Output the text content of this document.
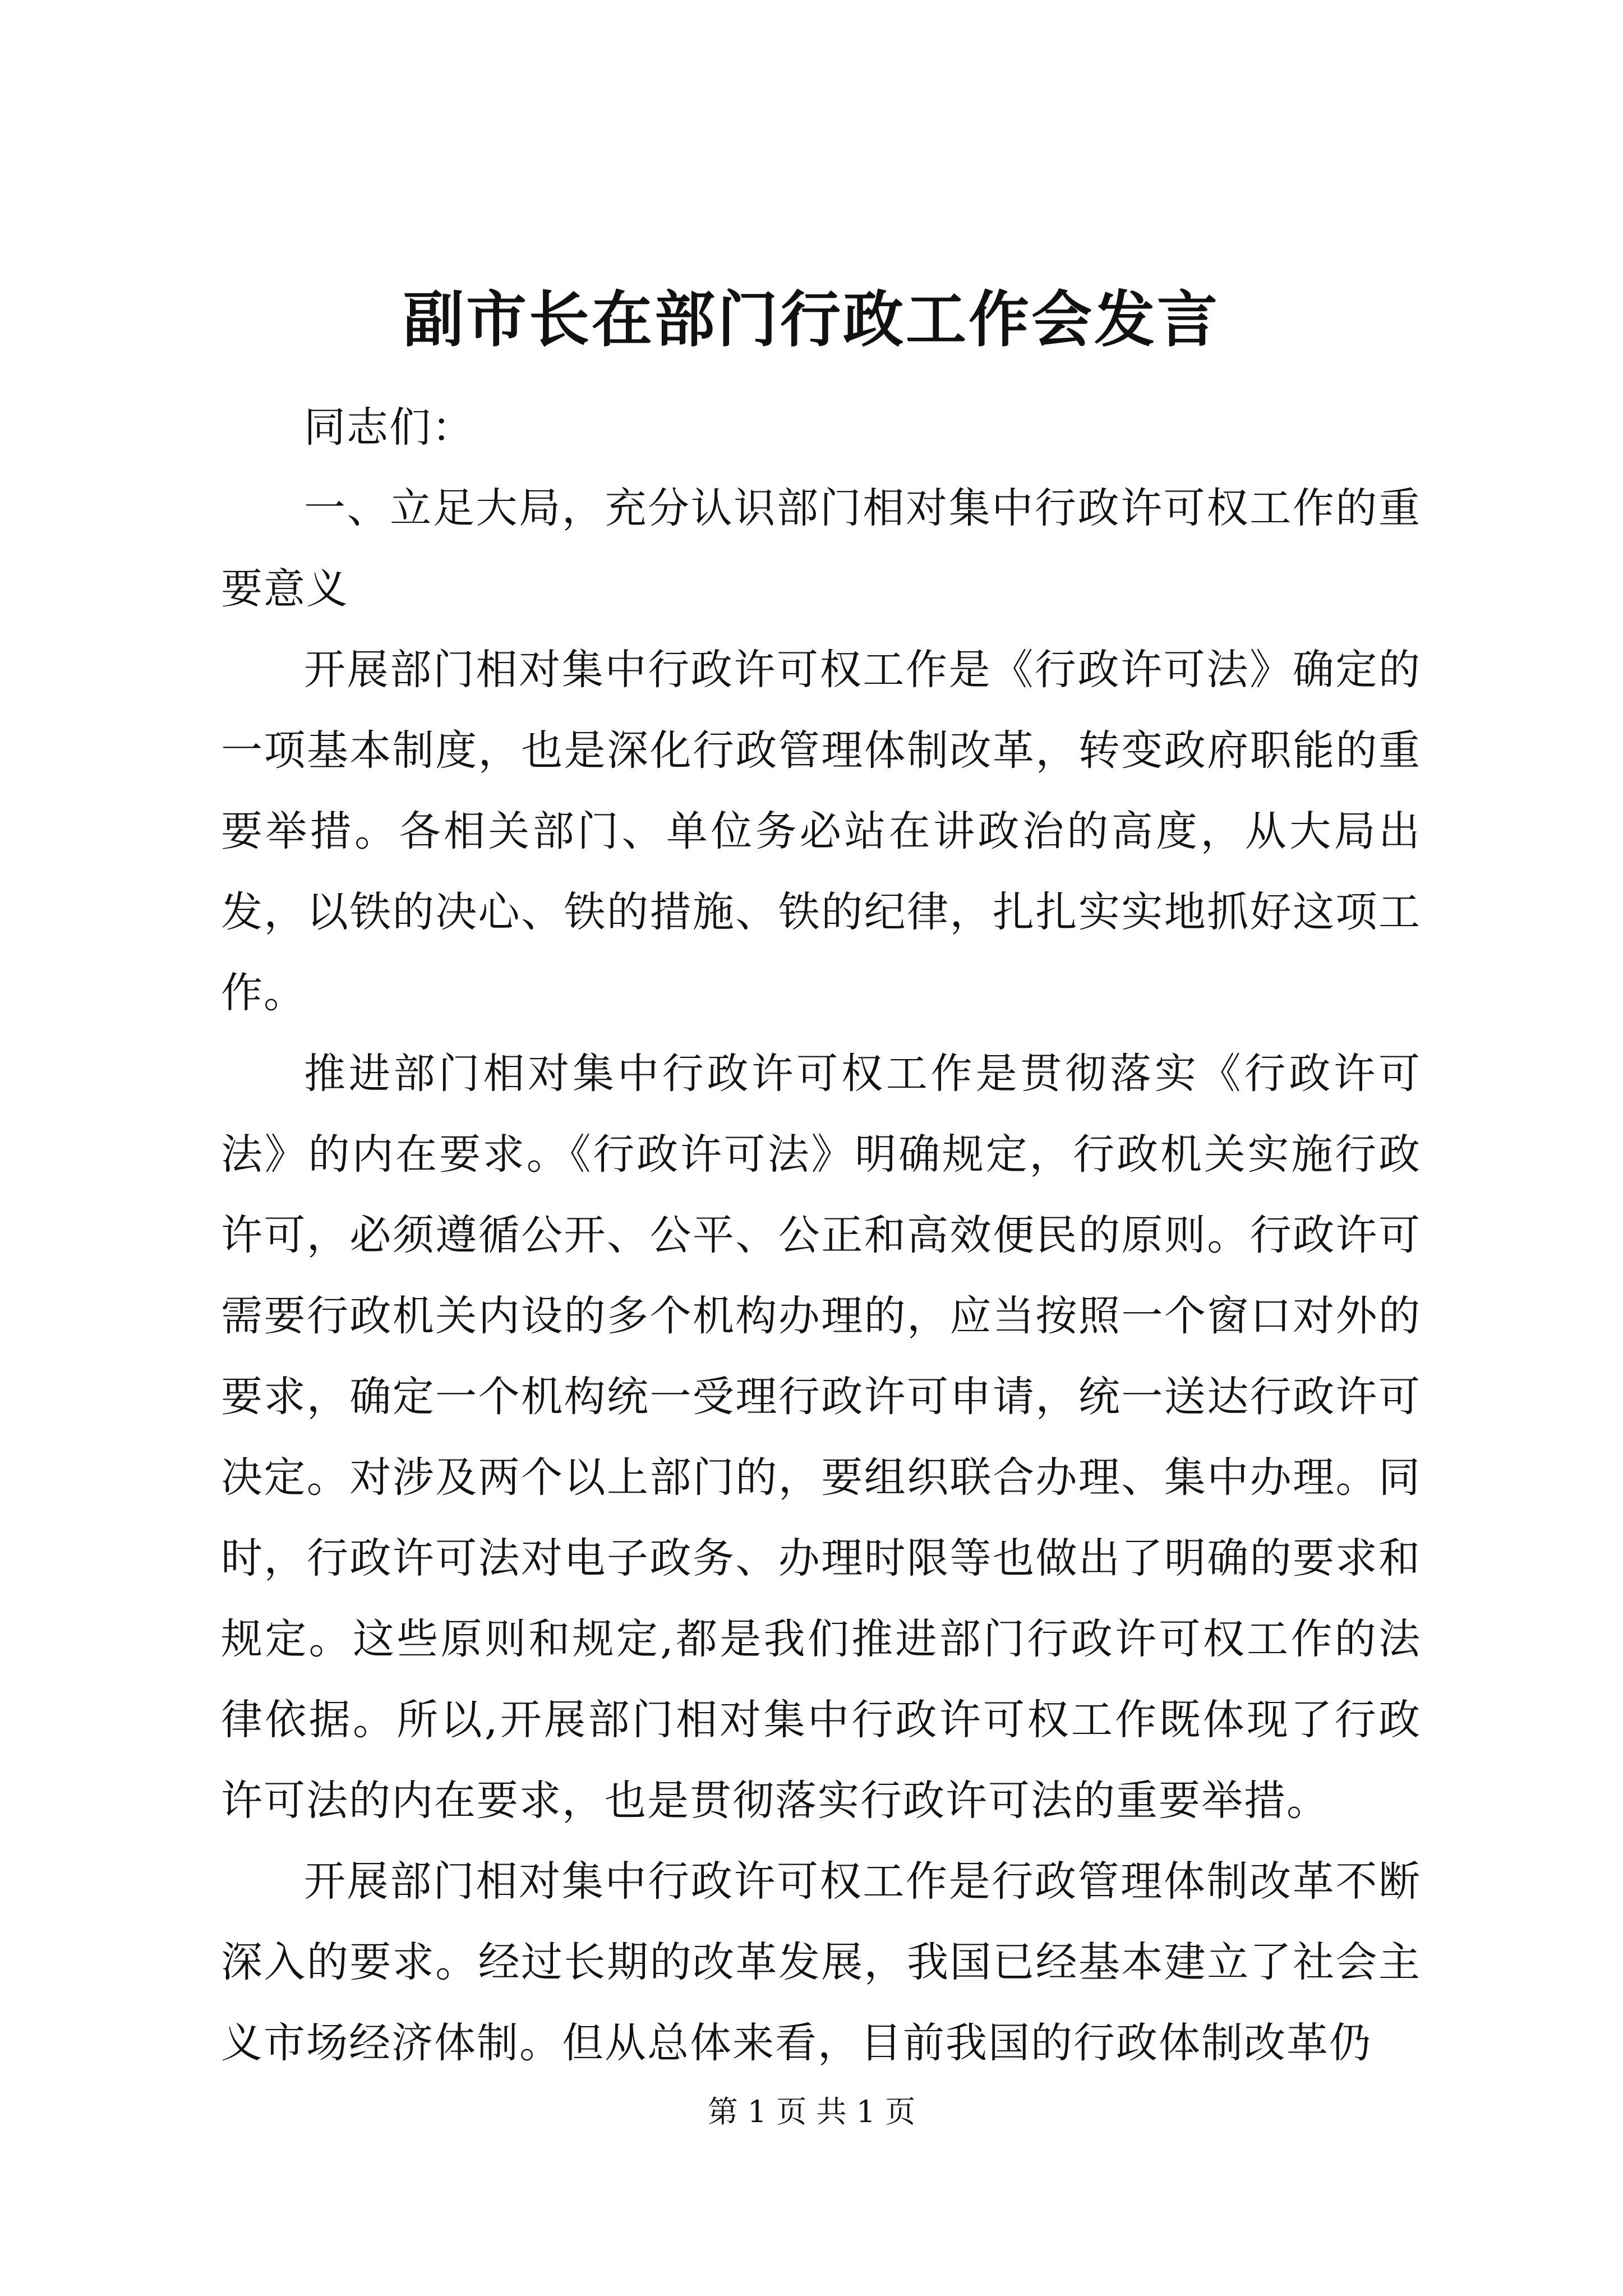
副市长在部门行政工作会发言

同志们：

一、立足大局，充分认识部门相对集中行政许可权工作的重要意义

开展部门相对集中行政许可权工作是《行政许可法》确定的一项基本制度，也是深化行政管理体制改革，转变政府职能的重要举措。各相关部门、单位务必站在讲政治的高度，从大局出发，以铁的决心、铁的措施、铁的纪律，扎扎实实地抓好这项工作。

推进部门相对集中行政许可权工作是贯彻落实《行政许可法》的内在要求。《行政许可法》明确规定，行政机关实施行政许可，必须遵循公开、公平、公正和高效便民的原则。行政许可需要行政机关内设的多个机构办理的，应当按照一个窗口对外的要求，确定一个机构统一受理行政许可申请，统一送达行政许可决定。对涉及两个以上部门的，要组织联合办理、集中办理。同时，行政许可法对电子政务、办理时限等也做出了明确的要求和规定。这些原则和规定,都是我们推进部门行政许可权工作的法律依据。所以,开展部门相对集中行政许可权工作既体现了行政许可法的内在要求，也是贯彻落实行政许可法的重要举措。

开展部门相对集中行政许可权工作是行政管理体制改革不断深入的要求。经过长期的改革发展，我国已经基本建立了社会主义市场经济体制。但从总体来看，目前我国的行政体制改革仍

第 1 页 共 1 页
